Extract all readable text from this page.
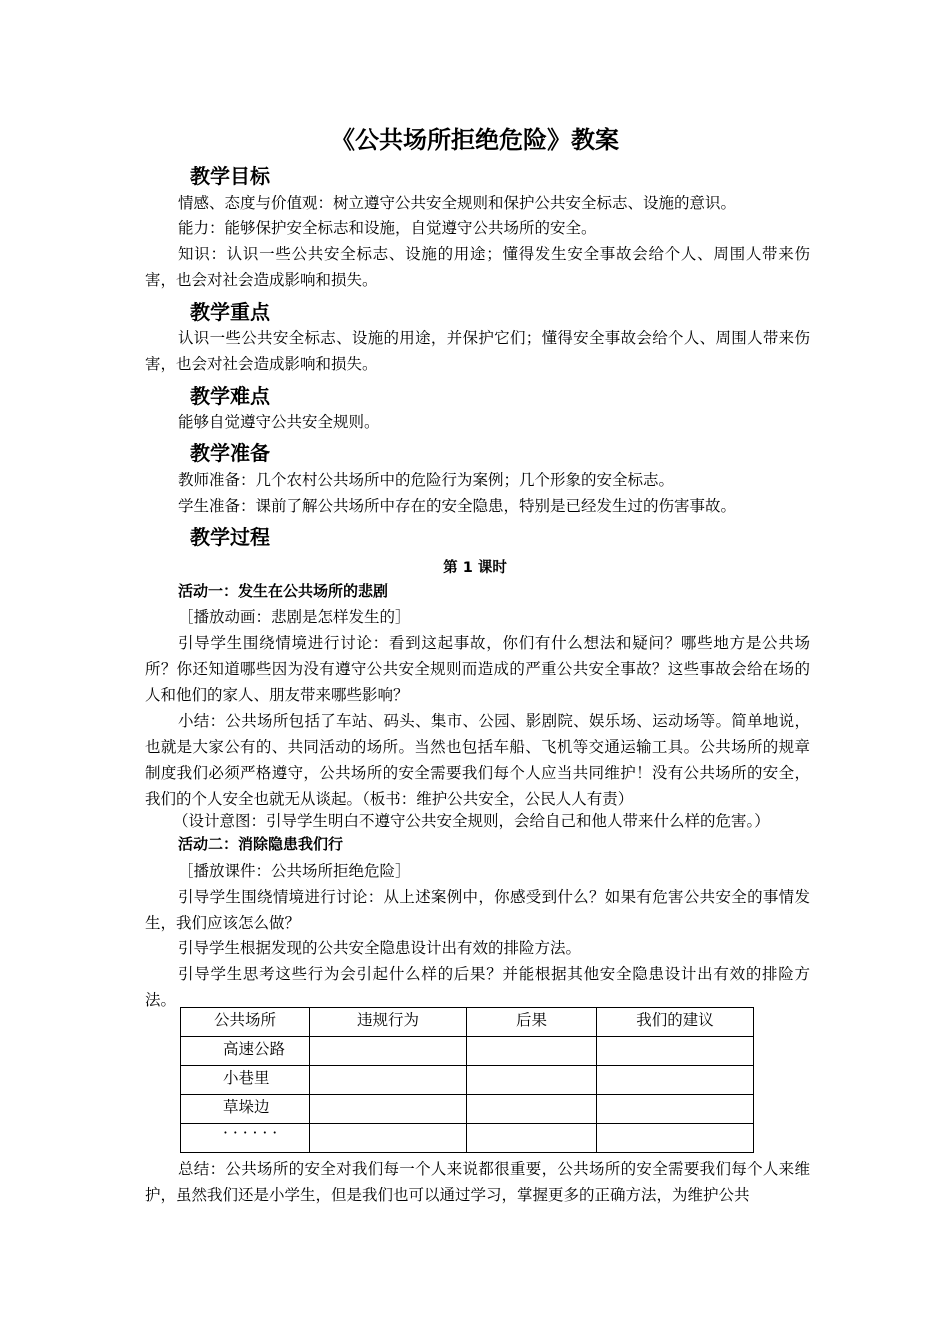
《公共场所拒绝危险》教案
教学目标
情感、态度与价值观：树立遵守公共安全规则和保护公共安全标志、设施的意识。
能力：能够保护安全标志和设施，自觉遵守公共场所的安全。
知识：认识一些公共安全标志、设施的用途；懂得发生安全事故会给个人、周围人带来伤害，也会对社会造成影响和损失。
教学重点
认识一些公共安全标志、设施的用途，并保护它们；懂得安全事故会给个人、周围人带来伤害，也会对社会造成影响和损失。
教学难点
能够自觉遵守公共安全规则。
教学准备
教师准备：几个农村公共场所中的危险行为案例；几个形象的安全标志。
学生准备：课前了解公共场所中存在的安全隐患，特别是已经发生过的伤害事故。
教学过程
第 1 课时
活动一：发生在公共场所的悲剧
［播放动画：悲剧是怎样发生的］
引导学生围绕情境进行讨论：看到这起事故，你们有什么想法和疑问？哪些地方是公共场所？你还知道哪些因为没有遵守公共安全规则而造成的严重公共安全事故？这些事故会给在场的人和他们的家人、朋友带来哪些影响？
小结：公共场所包括了车站、码头、集市、公园、影剧院、娱乐场、运动场等。简单地说，也就是大家公有的、共同活动的场所。当然也包括车船、飞机等交通运输工具。公共场所的规章制度我们必须严格遵守，公共场所的安全需要我们每个人应当共同维护！没有公共场所的安全，我们的个人安全也就无从谈起。（板书：维护公共安全，公民人人有责）
（设计意图：引导学生明白不遵守公共安全规则，会给自己和他人带来什么样的危害。）
活动二：消除隐患我们行
［播放课件：公共场所拒绝危险］
引导学生围绕情境进行讨论：从上述案例中，你感受到什么？如果有危害公共安全的事情发生，我们应该怎么做？
引导学生根据发现的公共安全隐患设计出有效的排险方法。
引导学生思考这些行为会引起什么样的后果？并能根据其他安全隐患设计出有效的排险方法。
公共场所	违规行为	后果	我们的建议
高速公路			
小巷里			
草垛边			
· · · · · ·			
总结：公共场所的安全对我们每一个人来说都很重要，公共场所的安全需要我们每个人来维护，虽然我们还是小学生，但是我们也可以通过学习，掌握更多的正确方法，为维护公共
